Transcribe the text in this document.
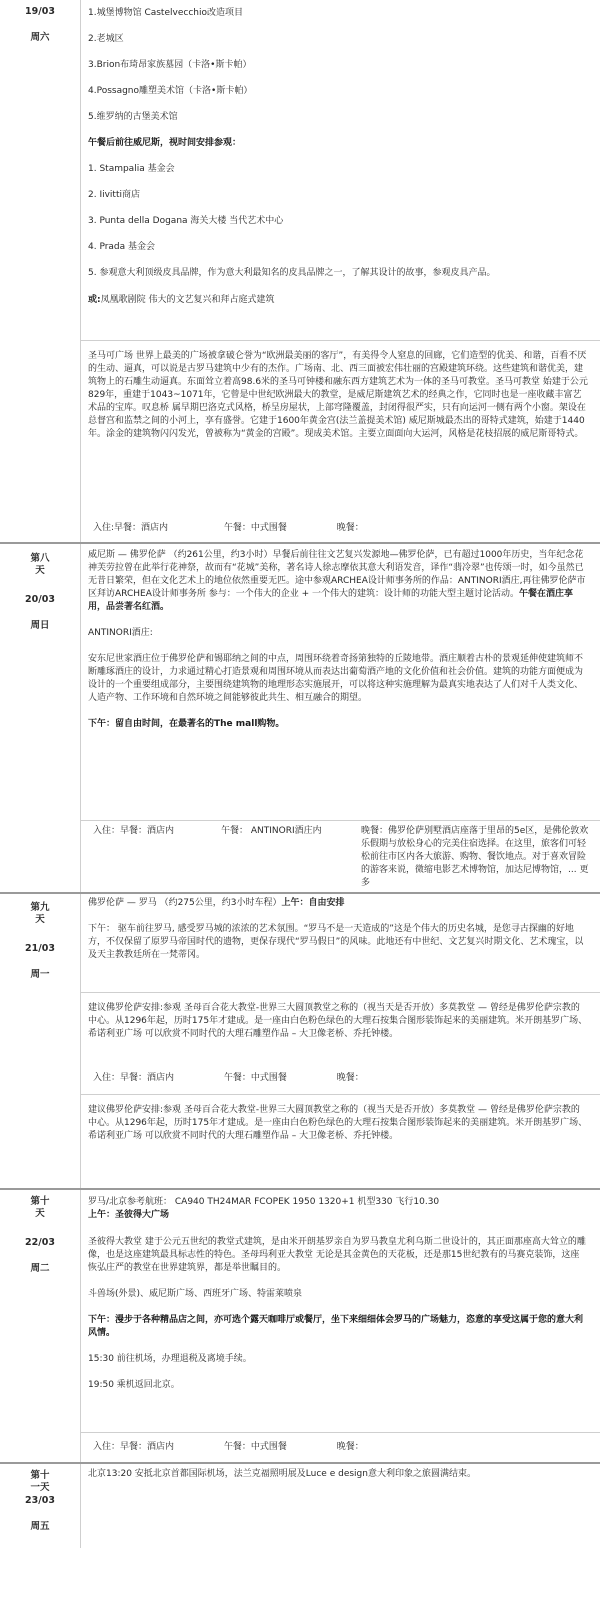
19/03
周六

1.城堡博物馆 Castelvecchio改造项目

2.老城区

3.Brion布琦昂家族墓园（卡洛•斯卡帕）

4.Possagno雕塑美术馆（卡洛•斯卡帕）

5.维罗纳的古堡美术馆

午餐后前往威尼斯，视时间安排参观：

1. Stampalia 基金会

2. Iivitti商店

3. Punta della Dogana 海关大楼 当代艺术中心

4. Prada 基金会

5. 参观意大利顶级皮具品牌，作为意大利最知名的皮具品牌之一，了解其设计的故事，参观皮具产品。

或:凤凰歌剧院 伟大的文艺复兴和拜占庭式建筑

圣马可广场 世界上最美的广场被拿破仑誉为“欧洲最美丽的客厅”，有美得令人窒息的回廊，它们造型的优美、和谐，百看不厌的生动、逼真，可以说是古罗马建筑中少有的杰作。广场南、北、西三面被宏伟壮丽的宫殿建筑环绕。这些建筑和谐优美，建筑物上的石雕生动逼真。东面耸立着高98.6米的圣马可钟楼和融东西方建筑艺术为一体的圣马可教堂。圣马可教堂 始建于公元829年，重建于1043~1071年，它曾是中世纪欧洲最大的教堂，是威尼斯建筑艺术的经典之作，它同时也是一座收藏丰富艺术品的宝库。叹息桥 属早期巴洛克式风格，桥呈房屋状，上部穹隆覆盖，封闭得很严实，只有向运河一侧有两个小窗。架设在总督宫和监禁之间的小河上，享有盛誉。它建于1600年黄金宫(法兰盖提美术馆) 威尼斯城最杰出的哥特式建筑，始建于1440年。涂金的建筑物闪闪发光，曾被称为“黄金的宫殿”。现成美术馆。主要立面面向大运河，风格是花枝招展的威尼斯哥特式。

入住:早餐：酒店内	午餐：中式围餐	晚餐：
第八
天
20/03
周日

威尼斯 — 佛罗伦萨 （约261公里，约3小时）早餐后前往往文艺复兴发源地—佛罗伦萨，已有超过1000年历史，当年纪念花神芙劳拉曾在此举行花神祭，故而有“花城”美称，著名诗人徐志摩依其意大利语发音，译作“翡冷翠”也传颂一时，如今虽然已无昔日繁荣，但在文化艺术上的地位依然重要无匹。途中参观ARCHEA设计师事务所的作品：ANTINORI酒庄,再往佛罗伦萨市区拜访ARCHEA设计师事务所 参与：一个伟大的企业 + 一个伟大的建筑：设计师的功能大型主题讨论活动。午餐在酒庄享用，品尝著名红酒。

ANTINORI酒庄:

安东尼世家酒庄位于佛罗伦萨和锡耶纳之间的中点，周围环绕着奇扬第独特的丘陵地带。酒庄顺着古朴的景观延伸使建筑师不断雕琢酒庄的设计，力求通过精心打造景观和周围环境从而表达出葡萄酒产地的文化价值和社会价值。建筑的功能方面便成为设计的一个重要组成部分，主要围绕建筑物的地理形态实施展开，可以将这种实施理解为最真实地表达了人们对千人类文化、人造产物、工作环境和自然环境之间能够彼此共生、相互融合的期望。

下午：留自由时间，在最著名的The mall购物。

入住：早餐：酒店内	午餐： ANTINORI酒庄内	晚餐：佛罗伦萨别墅酒店座落于里昂的5e区，是佛伦敦欢乐假期与放松身心的完美住宿选择。在这里，旅客们可轻松前往市区内各大旅游、购物、餐饮地点。对于喜欢冒险的游客来说，微缩电影艺术博物馆，加达尼博物馆，... 更多
第九
天
21/03
周一

佛罗伦萨 — 罗马 （约275公里，约3小时车程）上午：自由安排

下午： 驱车前往罗马, 感受罗马城的浓浓的艺术氛围。“罗马不是一天造成的”这是个伟大的历史名城，是您寻古探幽的好地方，不仅保留了原罗马帝国时代的遗物，更保存现代“罗马假日”的风味。此地还有中世纪、文艺复兴时期文化、艺术瑰宝，以及天主教教廷所在一梵蒂冈。

建议佛罗伦萨安排:参观 圣母百合花大教堂-世界三大圆顶教堂之称的（视当天是否开放）多莫教堂 — 曾经是佛罗伦萨宗教的中心。从1296年起，历时175年才建成。是一座由白色粉色绿色的大理石按集合图形装饰起来的美丽建筑。米开朗基罗广场、希诺利亚广场 可以欣赏不同时代的大理石雕塑作品 – 大卫像老桥、乔托钟楼。

入住：早餐：酒店内	午餐：中式围餐	晚餐：

建议佛罗伦萨安排:参观 圣母百合花大教堂-世界三大圆顶教堂之称的（视当天是否开放）多莫教堂 — 曾经是佛罗伦萨宗教的中心。从1296年起，历时175年才建成。是一座由白色粉色绿色的大理石按集合图形装饰起来的美丽建筑。米开朗基罗广场、希诺利亚广场 可以欣赏不同时代的大理石雕塑作品 – 大卫像老桥、乔托钟楼。

第十
天
22/03
周二
罗马/北京参考航班： CA940 TH24MAR FCOPEK 1950 1320+1 机型330 飞行10.30

上午：圣彼得大广场

圣彼得大教堂 建于公元五世纪的教堂式建筑，是由米开朗基罗亲自为罗马教皇尤利乌斯二世设计的，其正面那座高大耸立的雕像，也是这座建筑最具标志性的特色。圣母玛利亚大教堂 无论是其金黄色的天花板，还是那15世纪教有的马赛克装饰，这座恢弘庄严的教堂在世界建筑界，都是举世瞩目的。

斗兽场(外景)、威尼斯广场、西班牙广场、特雷莱喷泉

下午：漫步于各种精品店之间，亦可选个露天咖啡厅或餐厅，坐下来细细体会罗马的广场魅力，恣意的享受这属于您的意大利风情。

15:30 前往机场，办理退税及离境手续。

19:50 乘机返回北京。

入住：早餐：酒店内	午餐：中式围餐	晚餐：
第十
一天
23/03
周五

北京13:20 安抵北京首都国际机场，法兰克福照明展及Luce e design意大利印象之旅圆满结束。
